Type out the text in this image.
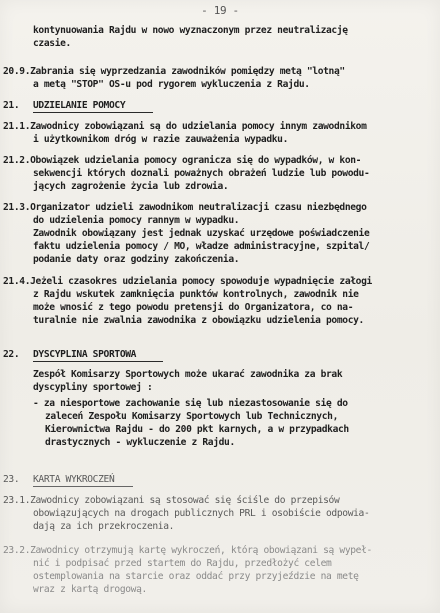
- 19 -
kontynuowania Rajdu w nowo wyznaczonym przez neutralizację
czasie.
20.9.Zabrania się wyprzedzania zawodników pomiędzy metą "lotną"
a metą "STOP" OS-u pod rygorem wykluczenia z Rajdu.
21. UDZIELANIE POMOCY
21.1.Zawodnicy zobowiązani są do udzielania pomocy innym zawodnikom
i użytkownikom dróg w razie zauważenia wypadku.
21.2.Obowiązek udzielania pomocy ogranicza się do wypadków, w kon-
sekwencji których doznali poważnych obrażeń ludzie lub powodu-
jących zagrożenie życia lub zdrowia.
21.3.Organizator udzieli zawodnikom neutralizacji czasu niezbędnego
do udzielenia pomocy rannym w wypadku.
Zawodnik obowiązany jest jednak uzyskać urzędowe poświadczenie
faktu udzielenia pomocy / MO, władze administracyjne, szpital/
podanie daty oraz godziny zakończenia.
21.4.Jeżeli czasokres udzielania pomocy spowoduje wypadnięcie załogi
z Rajdu wskutek zamknięcia punktów kontrolnych, zawodnik nie
może wnosić z tego powodu pretensji do Organizatora, co na-
turalnie nie zwalnia zawodnika z obowiązku udzielenia pomocy.
22. DYSCYPLINA SPORTOWA
Zespół Komisarzy Sportowych może ukarać zawodnika za brak
dyscypliny sportowej :
- za niesportowe zachowanie się lub niezastosowanie się do
zaleceń Zespołu Komisarzy Sportowych lub Technicznych,
Kierownictwa Rajdu - do 200 pkt karnych, a w przypadkach
drastycznych - wykluczenie z Rajdu.
23. KARTA WYKROCZEŃ
23.1.Zawodnicy zobowiązani są stosować się ściśle do przepisów
obowiązujących na drogach publicznych PRL i osobiście odpowia-
dają za ich przekroczenia.
23.2.Zawodnicy otrzymują kartę wykroczeń, którą obowiązani są wypeł-
nić i podpisać przed startem do Rajdu, przedłożyć celem
ostemplowania na starcie oraz oddać przy przyjeździe na metę
wraz z kartą drogową.
